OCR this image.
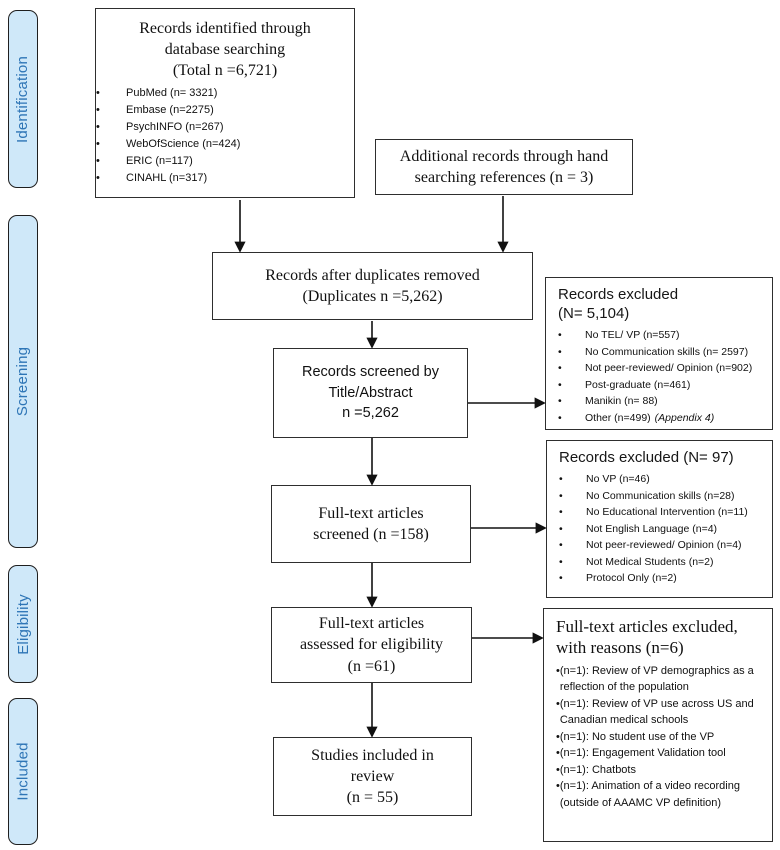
Identification
Screening
Eligibility
Included
Records identified through
database searching
(Total n =6,721)
•	PubMed (n= 3321)
•	Embase (n=2275)
•	PsychINFO (n=267)
•	WebOfScience (n=424)
•	ERIC (n=117)
•	CINAHL (n=317)
Additional records through hand
searching references (n = 3)
Records after duplicates removed
(Duplicates n =5,262)
Records screened by
Title/Abstract
n =5,262
Full-text articles
screened (n =158)
Full-text articles
assessed for eligibility
(n =61)
Studies included in
review
(n = 55)
Records excluded
(N= 5,104)
•	No TEL/ VP (n=557)
•	No Communication skills (n= 2597)
•	Not peer-reviewed/ Opinion (n=902)
•	Post-graduate (n=461)
•	Manikin (n= 88)
•	Other (n=499) (Appendix 4)
Records excluded (N= 97)
•	No VP (n=46)
•	No Communication skills (n=28)
•	No Educational Intervention (n=11)
•	Not English Language (n=4)
•	Not peer-reviewed/ Opinion (n=4)
•	Not Medical Students (n=2)
•	Protocol Only (n=2)
Full-text articles excluded,
with reasons (n=6)
• (n=1): Review of VP demographics as a reflection of the population
• (n=1): Review of VP use across US and Canadian medical schools
• (n=1): No student use of the VP
• (n=1): Engagement Validation tool
• (n=1): Chatbots
• (n=1): Animation of a video recording (outside of AAAMC VP definition)
